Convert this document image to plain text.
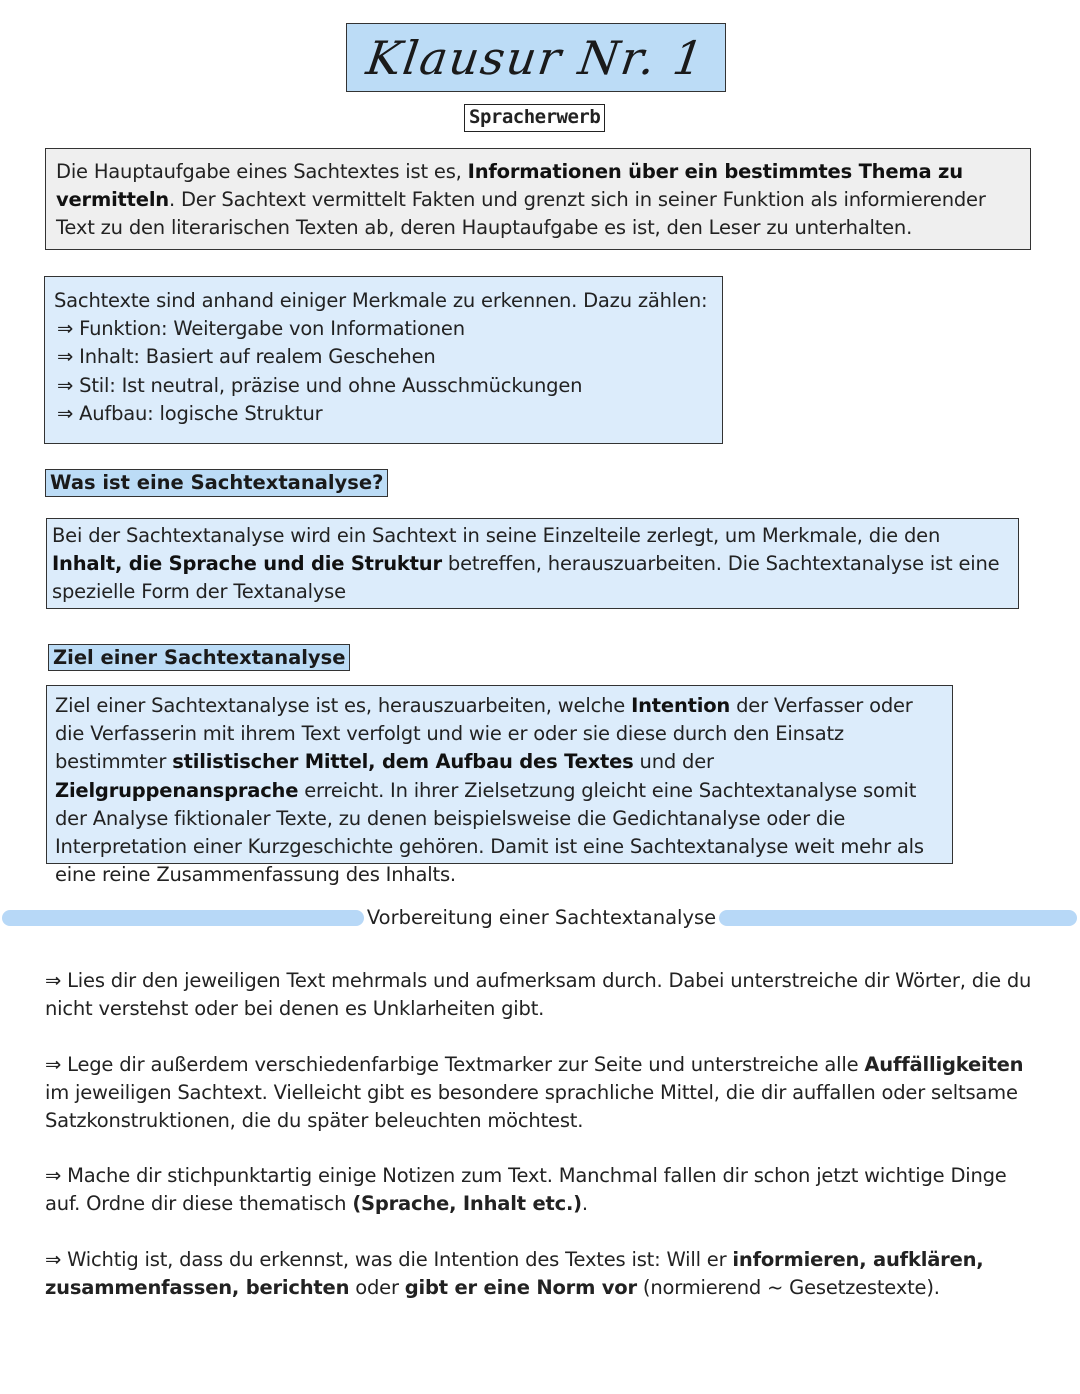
Klausur Nr. 1
Spracherwerb
Die Hauptaufgabe eines Sachtextes ist es, Informationen über ein bestimmtes Thema zu vermitteln. Der Sachtext vermittelt Fakten und grenzt sich in seiner Funktion als informierender Text zu den literarischen Texten ab, deren Hauptaufgabe es ist, den Leser zu unterhalten.
Sachtexte sind anhand einiger Merkmale zu erkennen. Dazu zählen:
⇒ Funktion: Weitergabe von Informationen
⇒ Inhalt: Basiert auf realem Geschehen
⇒ Stil: Ist neutral, präzise und ohne Ausschmückungen
⇒ Aufbau: logische Struktur
Was ist eine Sachtextanalyse?
Bei der Sachtextanalyse wird ein Sachtext in seine Einzelteile zerlegt, um Merkmale, die den Inhalt, die Sprache und die Struktur betreffen, herauszuarbeiten. Die Sachtextanalyse ist eine spezielle Form der Textanalyse
Ziel einer Sachtextanalyse
Ziel einer Sachtextanalyse ist es, herauszuarbeiten, welche Intention der Verfasser oder die Verfasserin mit ihrem Text verfolgt und wie er oder sie diese durch den Einsatz bestimmter stilistischer Mittel, dem Aufbau des Textes und der Zielgruppenansprache erreicht. In ihrer Zielsetzung gleicht eine Sachtextanalyse somit der Analyse fiktionaler Texte, zu denen beispielsweise die Gedichtanalyse oder die Interpretation einer Kurzgeschichte gehören. Damit ist eine Sachtextanalyse weit mehr als eine reine Zusammenfassung des Inhalts.
Vorbereitung einer Sachtextanalyse
⇒ Lies dir den jeweiligen Text mehrmals und aufmerksam durch. Dabei unterstreiche dir Wörter, die du nicht verstehst oder bei denen es Unklarheiten gibt.
⇒ Lege dir außerdem verschiedenfarbige Textmarker zur Seite und unterstreiche alle Auffälligkeiten im jeweiligen Sachtext. Vielleicht gibt es besondere sprachliche Mittel, die dir auffallen oder seltsame Satzkonstruktionen, die du später beleuchten möchtest.
⇒ Mache dir stichpunktartig einige Notizen zum Text. Manchmal fallen dir schon jetzt wichtige Dinge auf. Ordne dir diese thematisch (Sprache, Inhalt etc.).
⇒ Wichtig ist, dass du erkennst, was die Intention des Textes ist: Will er informieren, aufklären, zusammenfassen, berichten oder gibt er eine Norm vor (normierend ~ Gesetzestexte).
